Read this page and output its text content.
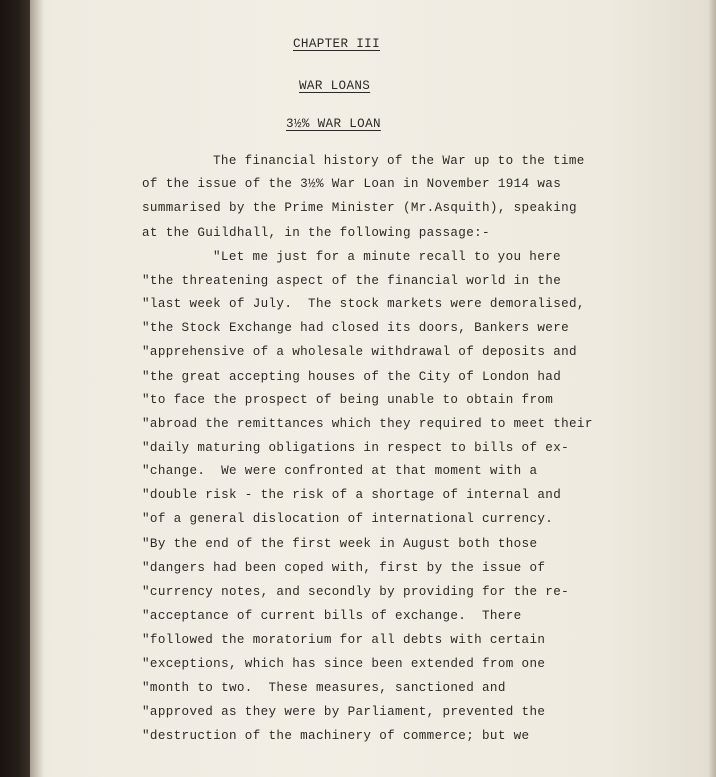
CHAPTER III

WAR LOANS

3½% WAR LOAN

The financial history of the War up to the time

of the issue of the 3½% War Loan in November 1914 was

summarised by the Prime Minister (Mr.Asquith), speaking

at the Guildhall, in the following passage:-

"Let me just for a minute recall to you here

"the threatening aspect of the financial world in the

"last week of July.  The stock markets were demoralised,

"the Stock Exchange had closed its doors, Bankers were

"apprehensive of a wholesale withdrawal of deposits and

"the great accepting houses of the City of London had

"to face the prospect of being unable to obtain from

"abroad the remittances which they required to meet their

"daily maturing obligations in respect to bills of ex-

"change.  We were confronted at that moment with a

"double risk - the risk of a shortage of internal and

"of a general dislocation of international currency.

"By the end of the first week in August both those

"dangers had been coped with, first by the issue of

"currency notes, and secondly by providing for the re-

"acceptance of current bills of exchange.  There

"followed the moratorium for all debts with certain

"exceptions, which has since been extended from one

"month to two.  These measures, sanctioned and

"approved as they were by Parliament, prevented the

"destruction of the machinery of commerce; but we
